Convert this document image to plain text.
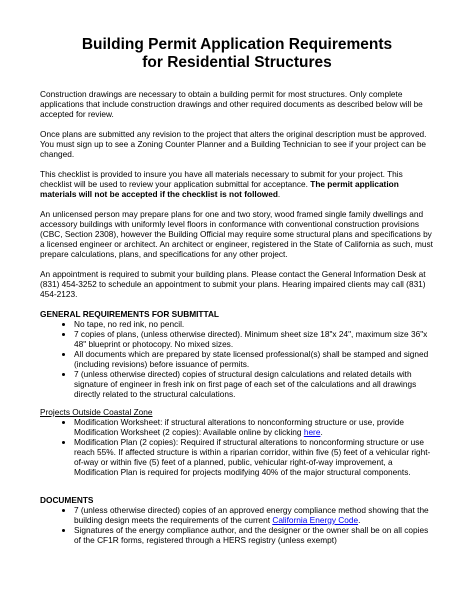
Building Permit Application Requirements
for Residential Structures

Construction drawings are necessary to obtain a building permit for most structures. Only complete applications that include construction drawings and other required documents as described below will be accepted for review.

Once plans are submitted any revision to the project that alters the original description must be approved. You must sign up to see a Zoning Counter Planner and a Building Technician to see if your project can be changed.

This checklist is provided to insure you have all materials necessary to submit for your project. This checklist will be used to review your application submittal for acceptance. The permit application materials will not be accepted if the checklist is not followed.

An unlicensed person may prepare plans for one and two story, wood framed single family dwellings and accessory buildings with uniformly level floors in conformance with conventional construction provisions (CBC, Section 2308), however the Building Official may require some structural plans and specifications by a licensed engineer or architect. An architect or engineer, registered in the State of California as such, must prepare calculations, plans, and specifications for any other project.

An appointment is required to submit your building plans. Please contact the General Information Desk at (831) 454-3252 to schedule an appointment to submit your plans. Hearing impaired clients may call (831) 454-2123.

GENERAL REQUIREMENTS FOR SUBMITTAL
• No tape, no red ink, no pencil.
• 7 copies of plans, (unless otherwise directed). Minimum sheet size 18"x 24", maximum size 36"x 48" blueprint or photocopy. No mixed sizes.
• All documents which are prepared by state licensed professional(s) shall be stamped and signed (including revisions) before issuance of permits.
• 7 (unless otherwise directed) copies of structural design calculations and related details with signature of engineer in fresh ink on first page of each set of the calculations and all drawings directly related to the structural calculations.
Projects Outside Coastal Zone
• Modification Worksheet: if structural alterations to nonconforming structure or use, provide Modification Worksheet (2 copies): Available online by clicking here.
• Modification Plan (2 copies): Required if structural alterations to nonconforming structure or use reach 55%. If affected structure is within a riparian corridor, within five (5) feet of a vehicular right-of-way or within five (5) feet of a planned, public, vehicular right-of-way improvement, a Modification Plan is required for projects modifying 40% of the major structural components.
DOCUMENTS
• 7 (unless otherwise directed) copies of an approved energy compliance method showing that the building design meets the requirements of the current California Energy Code.
• Signatures of the energy compliance author, and the designer or the owner shall be on all copies of the CF1R forms, registered through a HERS registry (unless exempt)
